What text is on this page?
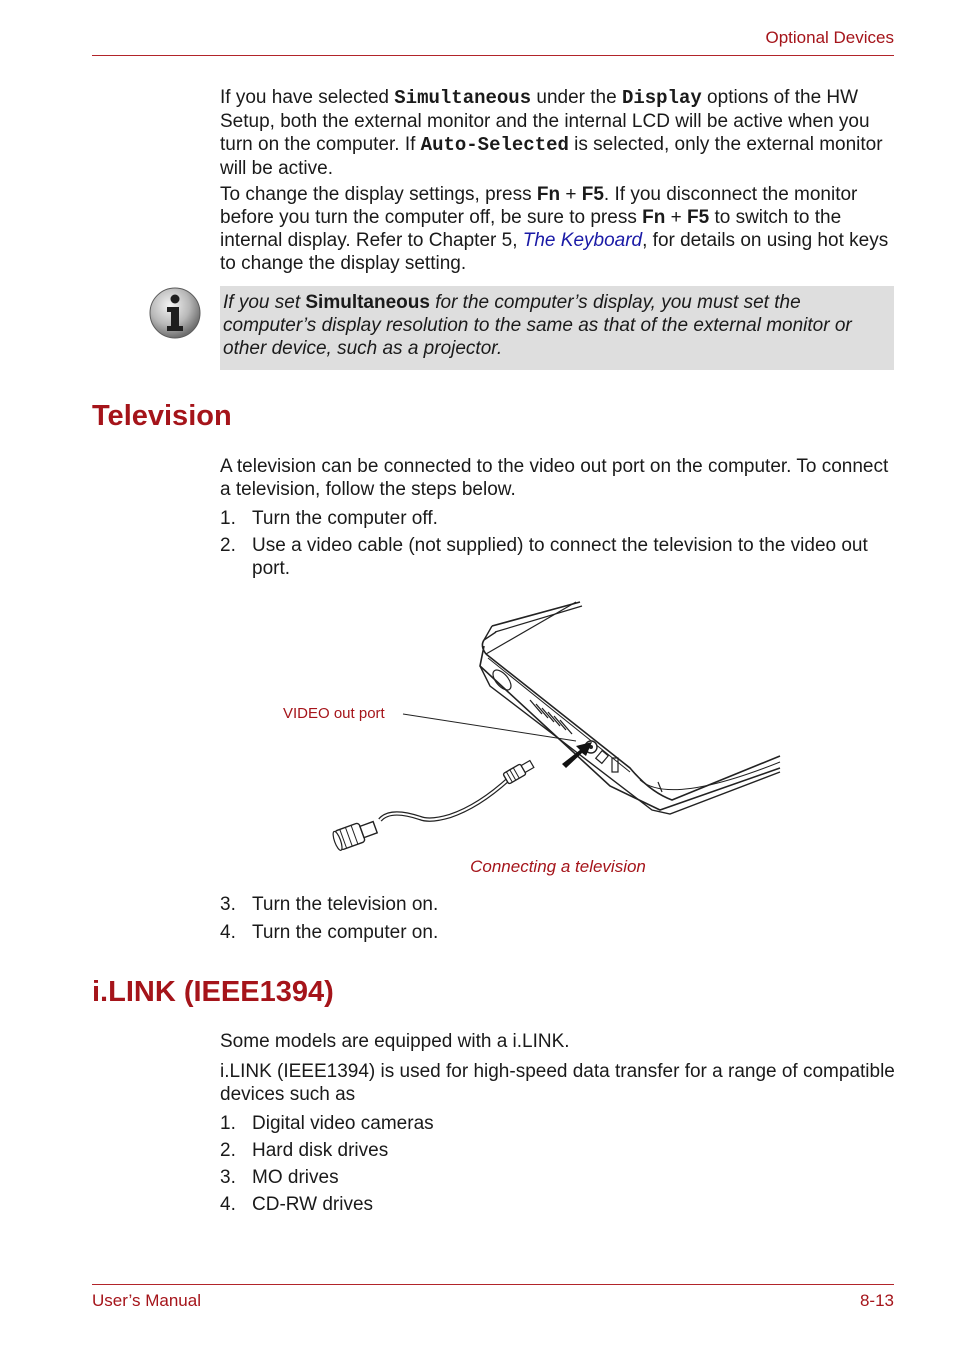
Optional Devices
If you have selected Simultaneous under the Display options of the HW Setup, both the external monitor and the internal LCD will be active when you turn on the computer. If Auto-Selected is selected, only the external monitor will be active.
To change the display settings, press Fn + F5. If you disconnect the monitor before you turn the computer off, be sure to press Fn + F5 to switch to the internal display. Refer to Chapter 5, The Keyboard, for details on using hot keys to change the display setting.
If you set Simultaneous for the computer’s display, you must set the computer’s display resolution to the same as that of the external monitor or other device, such as a projector.
Television
A television can be connected to the video out port on the computer. To connect a television, follow the steps below.
1. Turn the computer off.
2. Use a video cable (not supplied) to connect the television to the video out port.
VIDEO out port
Connecting a television
3. Turn the television on.
4. Turn the computer on.
i.LINK (IEEE1394)
Some models are equipped with a i.LINK.
i.LINK (IEEE1394) is used for high-speed data transfer for a range of compatible devices such as
1. Digital video cameras
2. Hard disk drives
3. MO drives
4. CD-RW drives
User’s Manual	8-13
